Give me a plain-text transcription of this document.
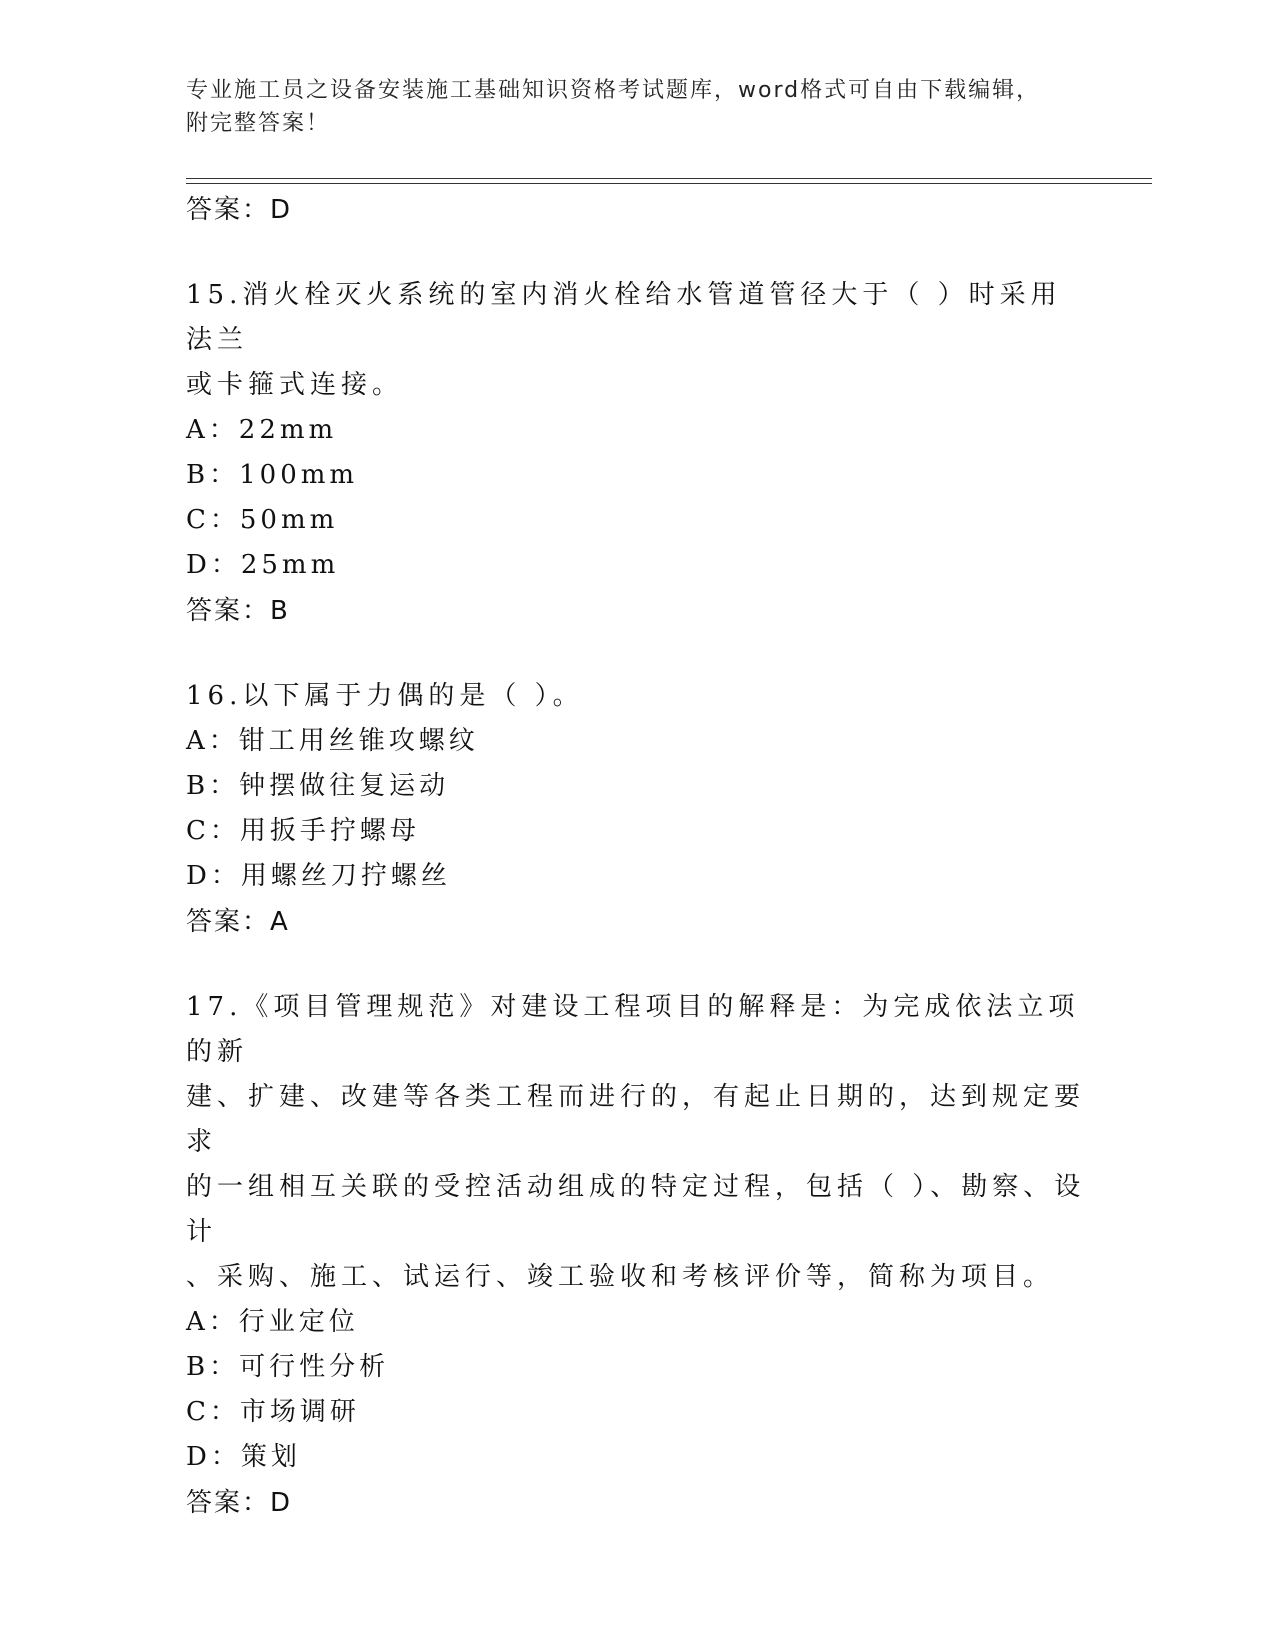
专业施工员之设备安装施工基础知识资格考试题库，word格式可自由下载编辑，
附完整答案！
答案：D
15.消火栓灭火系统的室内消火栓给水管道管径大于（ ）时采用法兰
或卡箍式连接。
A：22mm
B：100mm
C：50mm
D：25mm
答案：B
16.以下属于力偶的是（ ）。
A：钳工用丝锥攻螺纹
B：钟摆做往复运动
C：用扳手拧螺母
D：用螺丝刀拧螺丝
答案：A
17.《项目管理规范》对建设工程项目的解释是：为完成依法立项的新
建、扩建、改建等各类工程而进行的，有起止日期的，达到规定要求
的一组相互关联的受控活动组成的特定过程，包括（ ）、勘察、设计
、采购、施工、试运行、竣工验收和考核评价等，简称为项目。
A：行业定位
B：可行性分析
C：市场调研
D：策划
答案：D
